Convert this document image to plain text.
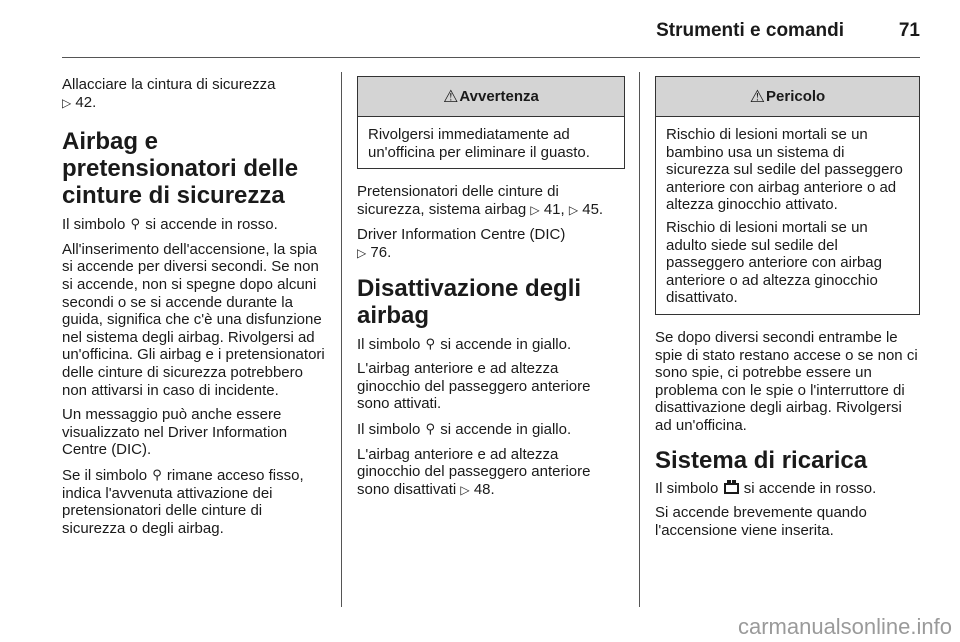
Strumenti e comandi	71
Allacciare la cintura di sicurezza
▷ 42.
Airbag e pretensionatori delle cinture di sicurezza
Il simbolo ⚲ si accende in rosso.
All'inserimento dell'accensione, la spia si accende per diversi secondi. Se non si accende, non si spegne dopo alcuni secondi o se si accende durante la guida, significa che c'è una disfunzione nel sistema degli airbag. Rivolgersi ad un'officina. Gli airbag e i pretensionatori delle cinture di sicurezza potrebbero non attivarsi in caso di incidente.
Un messaggio può anche essere visualizzato nel Driver Information Centre (DIC).
Se il simbolo ⚲ rimane acceso fisso, indica l'avvenuta attivazione dei pretensionatori delle cinture di sicurezza o degli airbag.
⚠ Avvertenza
Rivolgersi immediatamente ad un'officina per eliminare il guasto.
Pretensionatori delle cinture di sicurezza, sistema airbag ▷ 41, ▷ 45.
Driver Information Centre (DIC)
▷ 76.
Disattivazione degli airbag
Il simbolo ⚲ si accende in giallo.
L'airbag anteriore e ad altezza ginocchio del passeggero anteriore sono attivati.
Il simbolo ⚲ si accende in giallo.
L'airbag anteriore e ad altezza ginocchio del passeggero anteriore sono disattivati ▷ 48.
⚠ Pericolo
Rischio di lesioni mortali se un bambino usa un sistema di sicurezza sul sedile del passeggero anteriore con airbag anteriore o ad altezza ginocchio attivato.
Rischio di lesioni mortali se un adulto siede sul sedile del passeggero anteriore con airbag anteriore o ad altezza ginocchio disattivato.
Se dopo diversi secondi entrambe le spie di stato restano accese o se non ci sono spie, ci potrebbe essere un problema con le spie o l'interruttore di disattivazione degli airbag. Rivolgersi ad un'officina.
Sistema di ricarica
Il simbolo si accende in rosso.
Si accende brevemente quando l'accensione viene inserita.
carmanualsonline.info
